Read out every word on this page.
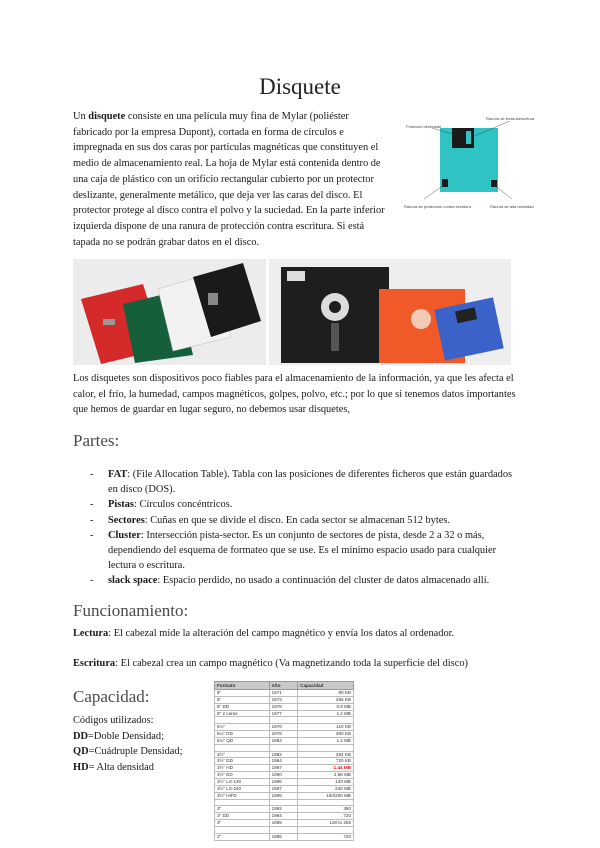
Disquete
Un disquete consiste en una película muy fina de Mylar (poliéster fabricado por la empresa Dupont), cortada en forma de círculos e impregnada en sus dos caras por partículas magnéticas que constituyen el medio de almacenamiento real. La hoja de Mylar está contenida dentro de una caja de plástico con un orificio rectangular cubierto por un protector deslizante, generalmente metálico, que deja ver las caras del disco. El protector protege al disco contra el polvo y la suciedad. En la parte inferior izquierda dispone de una ranura de protección contra escritura. Si está tapada no se podrán grabar datos en el disco.
Protector deslizante
Ranura de lectura/escritura
Ranura de protección contra escritura	Ranura de alta densidad
Los disquetes son dispositivos poco fiables para el almacenamiento de la información, ya que les afecta el calor, el frío, la humedad, campos magnéticos, golpes, polvo, etc.; por lo que si tenemos datos importantes que hemos de guardar en lugar seguro, no debemos usar disquetes,
Partes:
- FAT: (File Allocation Table). Tabla con las posiciones de diferentes ficheros que están guardados en disco (DOS).
- Pistas: Círculos concéntricos.
- Sectores: Cuñas en que se divide el disco. En cada sector se almacenan 512 bytes.
- Cluster: Intersección pista-sector. Es un conjunto de sectores de pista, desde 2 a 32 o más, dependiendo del esquema de formateo que se use. Es el mínimo espacio usado para cualquier lectura o escritura.
- slack space: Espacio perdido, no usado a continuación del cluster de datos almacenado allí.
Funcionamiento:
Lectura: El cabezal mide la alteración del campo magnético y envía los datos al ordenador.
Escritura: El cabezal crea un campo magnético (Va magnetizando toda la superficie del disco)
Capacidad:
Códigos utilizados:
DD=Doble Densidad;
QD=Cuádruple Densidad;
HD= Alta densidad
Formato	Año	Capacidad
8"	1971	80 KB
8"	1973	256 KB
8" DD	1976	0.8 MB
8" 2 caras	1977	1.2 MB

5¼"	1976	110 KB
5¼" DD	1978	360 KB
5¼" QD	1984	1.2 MB

3½"	1982	264 KB
3½" DD	1984	720 KB
3½" HD	1987	1.44 MB
3½" ED	1990	2.88 MB
3½" LS-120	1996	120 MB
3½" LS-240	1997	240 MB
3½" HiFD	1998	150/200 MB

3"	1982	360
3" DD	1984	720
3"	1985	128 to 256

2"	1985	720
